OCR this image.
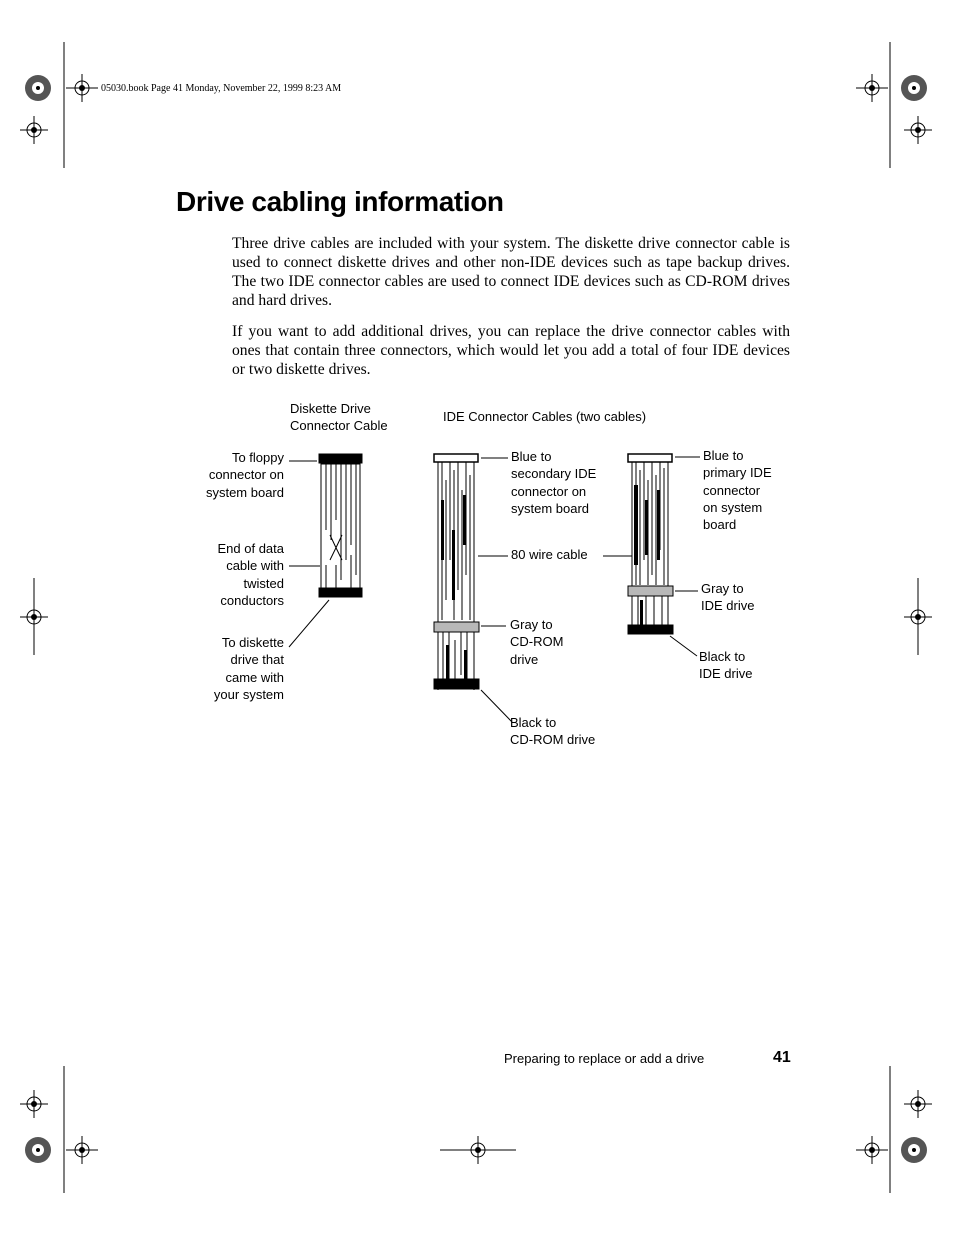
05030.book Page 41 Monday, November 22, 1999 8:23 AM
Drive cabling information

Three drive cables are included with your system. The diskette drive connector cable is used to connect diskette drives and other non-IDE devices such as tape backup drives. The two IDE connector cables are used to connect IDE devices such as CD-ROM drives and hard drives.

If you want to add additional drives, you can replace the drive connector cables with ones that contain three connectors, which would let you add a total of four IDE devices or two diskette drives.

Diskette Drive
Connector Cable
IDE Connector Cables (two cables)
To floppy
connector on
system board
End of data
cable with
twisted
conductors
To diskette
drive that
came with
your system
Blue to
secondary IDE
connector on
system board
80 wire cable
Gray to
CD-ROM
drive
Black to
CD-ROM drive
Blue to
primary IDE
connector
on system
board
Gray to
IDE drive
Black to
IDE drive
Preparing to replace or add a drive	41
